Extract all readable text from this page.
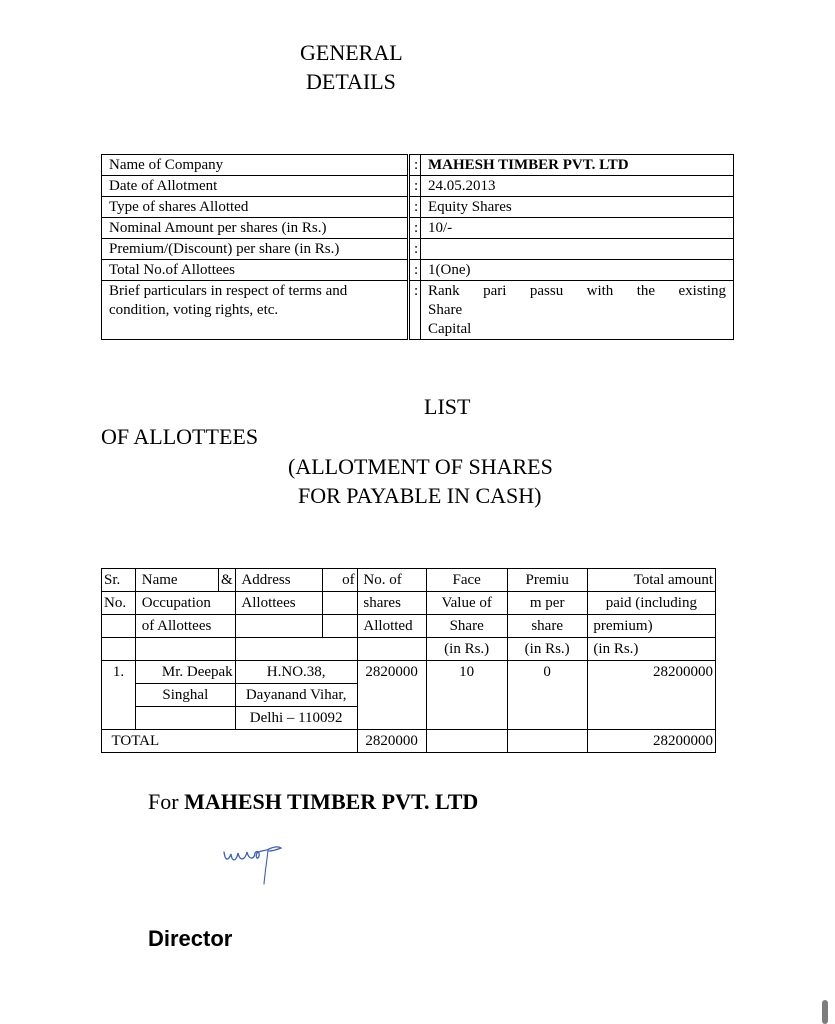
GENERAL
DETAILS
Name of Company	:	MAHESH TIMBER PVT. LTD
Date of Allotment	:	24.05.2013
Type of shares Allotted	:	Equity Shares
Nominal Amount per shares (in Rs.)	:	10/-
Premium/(Discount) per share (in Rs.)	:	
Total No.of Allottees	:	1(One)
Brief particulars in respect of terms and condition, voting rights, etc.	:	Rank pari passu with the existing
Share
Capital
LIST
OF ALLOTTEES
(ALLOTMENT OF SHARES
FOR PAYABLE IN CASH)
Sr.	Name	&	Address	of	No. of	Face	Premiu	Total amount
No.	Occupation		Allottees		shares	Value of	m per	paid (including
	of Allottees				Allotted	Share	share	premium)
						(in Rs.)	(in Rs.)	(in Rs.)
1.	Mr. Deepak		H.NO.38,		2820000	10	0	28200000
	Singhal		Dayanand Vihar,					
			Delhi – 110092					
TOTAL					2820000			28200000
For MAHESH TIMBER PVT. LTD
Director
